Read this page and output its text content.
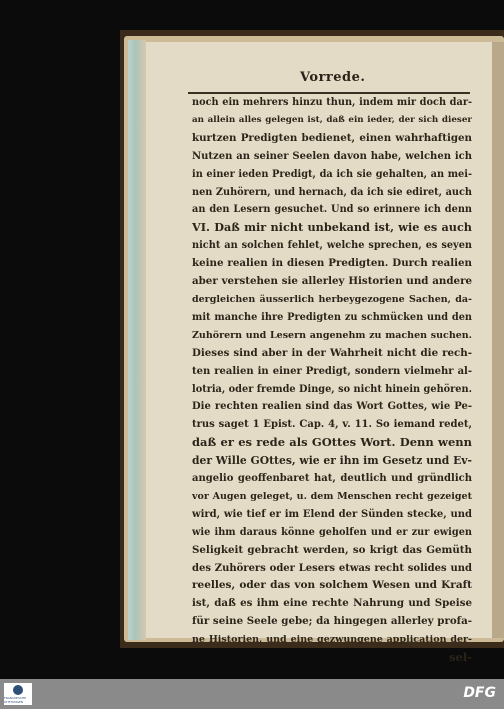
Vorrede.
noch ein mehrers hinzu thun, indem mir doch dar-
an allein alles gelegen ist, daß ein ieder, der sich dieser
kurtzen Predigten bedienet, einen wahrhaftigen
Nutzen an seiner Seelen davon habe, welchen ich
in einer ieden Predigt, da ich sie gehalten, an mei-
nen Zuhörern, und hernach, da ich sie ediret, auch
an den Lesern gesuchet. Und so erinnere ich denn
VI. Daß mir nicht unbekand ist, wie es auch
nicht an solchen fehlet, welche sprechen, es seyen
keine realien in diesen Predigten. Durch realien
aber verstehen sie allerley Historien und andere
dergleichen äusserlich herbeygezogene Sachen, da-
mit manche ihre Predigten zu schmücken und den
Zuhörern und Lesern angenehm zu machen suchen.
Dieses sind aber in der Wahrheit nicht die rech-
ten realien in einer Predigt, sondern vielmehr al-
lotria, oder fremde Dinge, so nicht hinein gehören.
Die rechten realien sind das Wort Gottes, wie Pe-
trus saget 1 Epist. Cap. 4, v. 11. So iemand redet,
daß er es rede als GOttes Wort. Denn wenn
der Wille GOttes, wie er ihn im Gesetz und Ev-
angelio geoffenbaret hat, deutlich und gründlich
vor Augen geleget, u. dem Menschen recht gezeiget
wird, wie tief er im Elend der Sünden stecke, und
wie ihm daraus könne geholfen und er zur ewigen
Seligkeit gebracht werden, so krigt das Gemüth
des Zuhörers oder Lesers etwas recht solides und
reelles, oder das von solchem Wesen und Kraft
ist, daß es ihm eine rechte Nahrung und Speise
für seine Seele gebe; da hingegen allerley profa-
ne Historien, und eine gezwungene application der-
sel-
FRANCKESCHE STIFTUNGEN
DFG
